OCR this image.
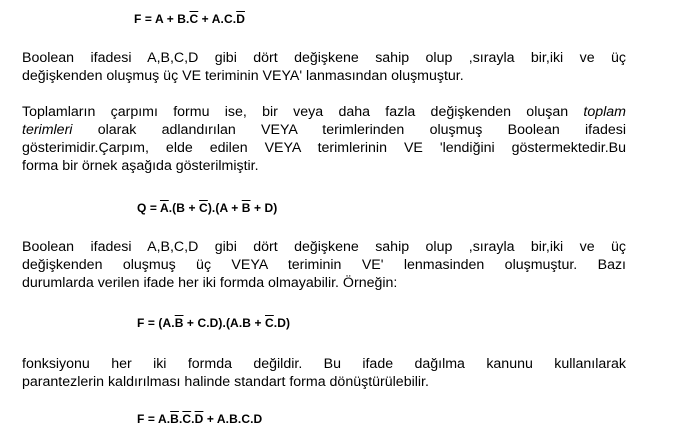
$F = A + B.\overline{C} + A.C.\overline{D}$
Boolean ifadesi A,B,C,D gibi dört değişkene sahip olup ,sırayla bir,iki ve üç
değişkenden oluşmuş üç VE teriminin VEYA' lanmasından oluşmuştur.
Toplamların çarpımı formu ise, bir veya daha fazla değişkenden oluşan toplam
terimleri olarak adlandırılan VEYA terimlerinden oluşmuş Boolean ifadesi
gösterimidir.Çarpım, elde edilen VEYA terimlerinin VE 'lendiğini göstermektedir.Bu
forma bir örnek aşağıda gösterilmiştir.
$Q = \overline{A}.(B + \overline{C}).(A + \overline{B} + D)$
Boolean ifadesi A,B,C,D gibi dört değişkene sahip olup ,sırayla bir,iki ve üç
değişkenden oluşmuş üç VEYA teriminin VE' lenmasinden oluşmuştur. Bazı
durumlarda verilen ifade her iki formda olmayabilir. Örneğin:
$F = (A.\overline{B} + C.D).(A.B + \overline{C}.D)$
fonksiyonu her iki formda değildir. Bu ifade dağılma kanunu kullanılarak
parantezlerin kaldırılması halinde standart forma dönüştürülebilir.
$F = A.\overline{B}.\overline{C}.\overline{D} + A.B.C.D$
